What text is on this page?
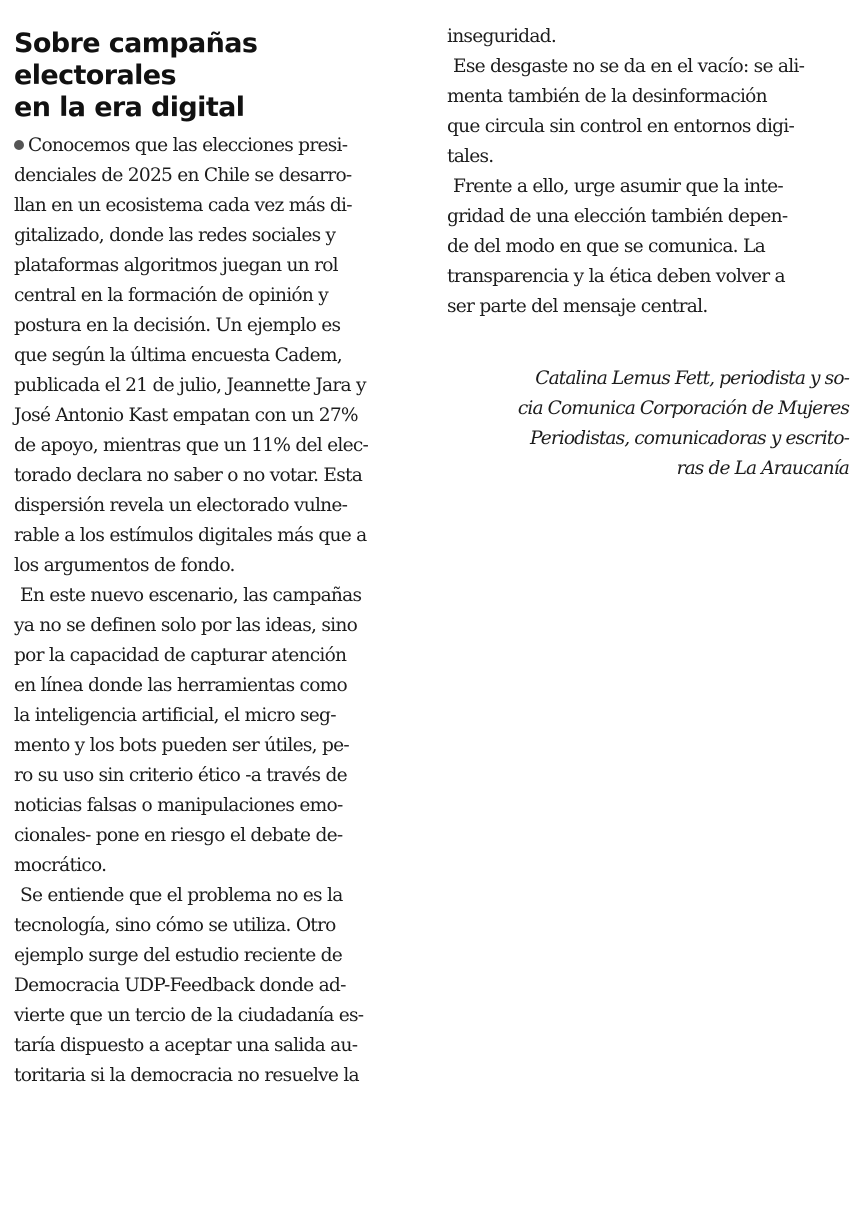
Sobre campañas electorales
en la era digital
Conocemos que las elecciones presi-
denciales de 2025 en Chile se desarro-
llan en un ecosistema cada vez más di-
gitalizado, donde las redes sociales y
plataformas algoritmos juegan un rol
central en la formación de opinión y
postura en la decisión. Un ejemplo es
que según la última encuesta Cadem,
publicada el 21 de julio, Jeannette Jara y
José Antonio Kast empatan con un 27%
de apoyo, mientras que un 11% del elec-
torado declara no saber o no votar. Esta
dispersión revela un electorado vulne-
rable a los estímulos digitales más que a
los argumentos de fondo.
En este nuevo escenario, las campañas
ya no se definen solo por las ideas, sino
por la capacidad de capturar atención
en línea donde las herramientas como
la inteligencia artificial, el micro seg-
mento y los bots pueden ser útiles, pe-
ro su uso sin criterio ético -a través de
noticias falsas o manipulaciones emo-
cionales- pone en riesgo el debate de-
mocrático.
Se entiende que el problema no es la
tecnología, sino cómo se utiliza. Otro
ejemplo surge del estudio reciente de
Democracia UDP-Feedback donde ad-
vierte que un tercio de la ciudadanía es-
taría dispuesto a aceptar una salida au-
toritaria si la democracia no resuelve la
inseguridad.
Ese desgaste no se da en el vacío: se ali-
menta también de la desinformación
que circula sin control en entornos digi-
tales.
Frente a ello, urge asumir que la inte-
gridad de una elección también depen-
de del modo en que se comunica. La
transparencia y la ética deben volver a
ser parte del mensaje central.
Catalina Lemus Fett, periodista y so-
cia Comunica Corporación de Mujeres
Periodistas, comunicadoras y escrito-
ras de La Araucanía
